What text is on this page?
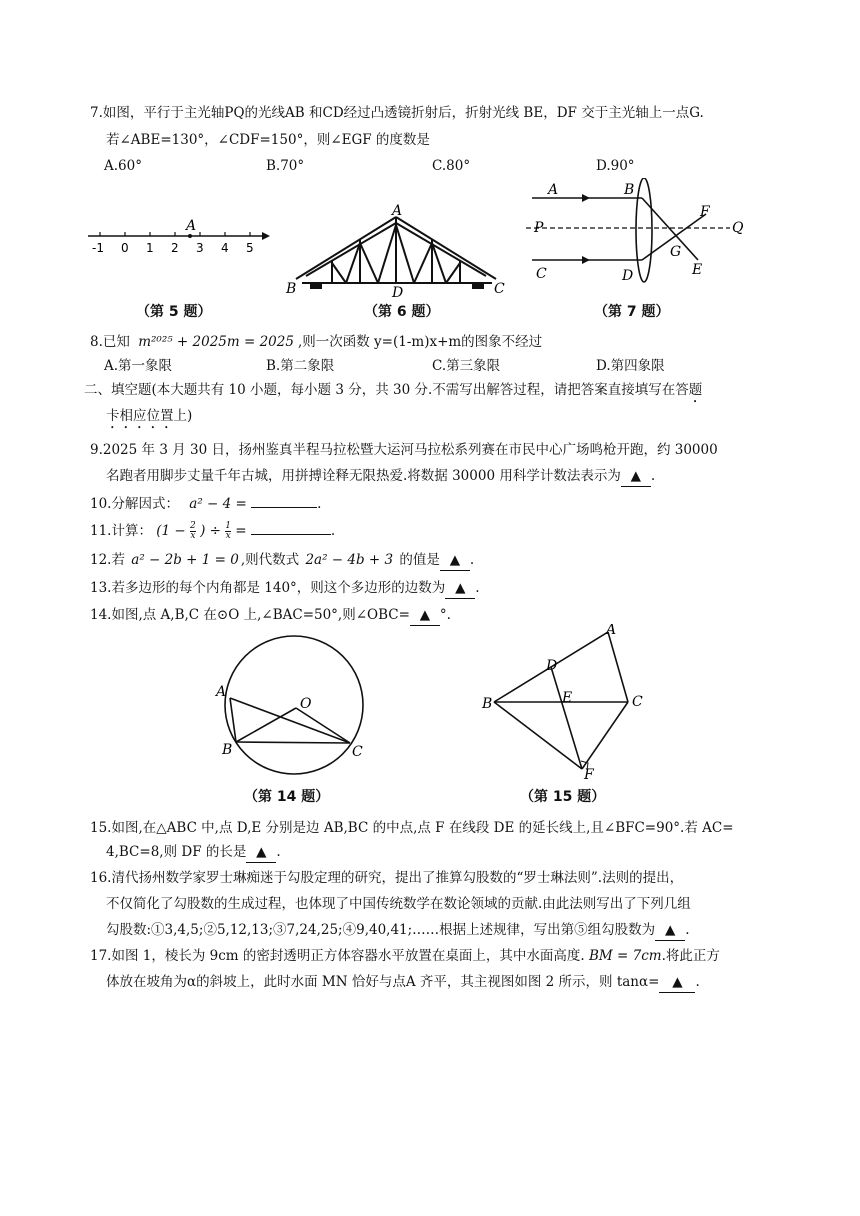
7.如图，平行于主光轴PQ的光线AB 和CD经过凸透镜折射后，折射光线 BE，DF 交于主光轴上一点G.
若∠ABE=130°，∠CDF=150°，则∠EGF 的度数是
A.60°	B.70°	C.80°	D.90°
A
-1 0 1 2 3 4 5
（第 5 题）
A
B	C
D
（第 6 题）
A	B
P	Q
C	D
F
G
E
（第 7 题）
8.已知 m²⁰²⁵ + 2025m = 2025 ,则一次函数 y=(1-m)x+m的图象不经过
A.第一象限	B.第二象限	C.第三象限	D.第四象限
二、填空题(本大题共有 10 小题，每小题 3 分，共 30 分.不需写出解答过程，请把答案直接填写在答题
卡相应位置上)
9.2025 年 3 月 30 日，扬州鉴真半程马拉松暨大运河马拉松系列赛在市民中心广场鸣枪开跑，约 30000
名跑者用脚步丈量千年古城，用拼搏诠释无限热爱.将数据 30000 用科学计数法表示为 ▲ .
10.分解因式： a² − 4 =	.
11.计算： ($1 - \frac{2}{x}$ ) ÷ $\frac{1}{x}$ =	.
12.若 a² − 2b + 1 = 0 ,则代数式 2a² − 4b + 3 的值是 ▲ .
13.若多边形的每个内角都是 140°，则这个多边形的边数为 ▲ .
14.如图,点 A,B,C 在⊙O 上,∠BAC=50°,则∠OBC= ▲ °.
A
O
B	C
（第 14 题）
A
D
B	E	C
F
（第 15 题）
15.如图,在△ABC 中,点 D,E 分别是边 AB,BC 的中点,点 F 在线段 DE 的延长线上,且∠BFC=90°.若 AC=
4,BC=8,则 DF 的长是 ▲ .
16.清代扬州数学家罗士琳痴迷于勾股定理的研究，提出了推算勾股数的“罗士琳法则”.法则的提出，
不仅简化了勾股数的生成过程，也体现了中国传统数学在数论领域的贡献.由此法则写出了下列几组
勾股数:①3,4,5;②5,12,13;③7,24,25;④9,40,41;……根据上述规律，写出第⑤组勾股数为 ▲ .
17.如图 1，棱长为 9cm 的密封透明正方体容器水平放置在桌面上，其中水面高度. BM = 7cm.将此正方
体放在坡角为α的斜坡上，此时水面 MN 恰好与点A 齐平，其主视图如图 2 所示，则 tanα= ▲ .
